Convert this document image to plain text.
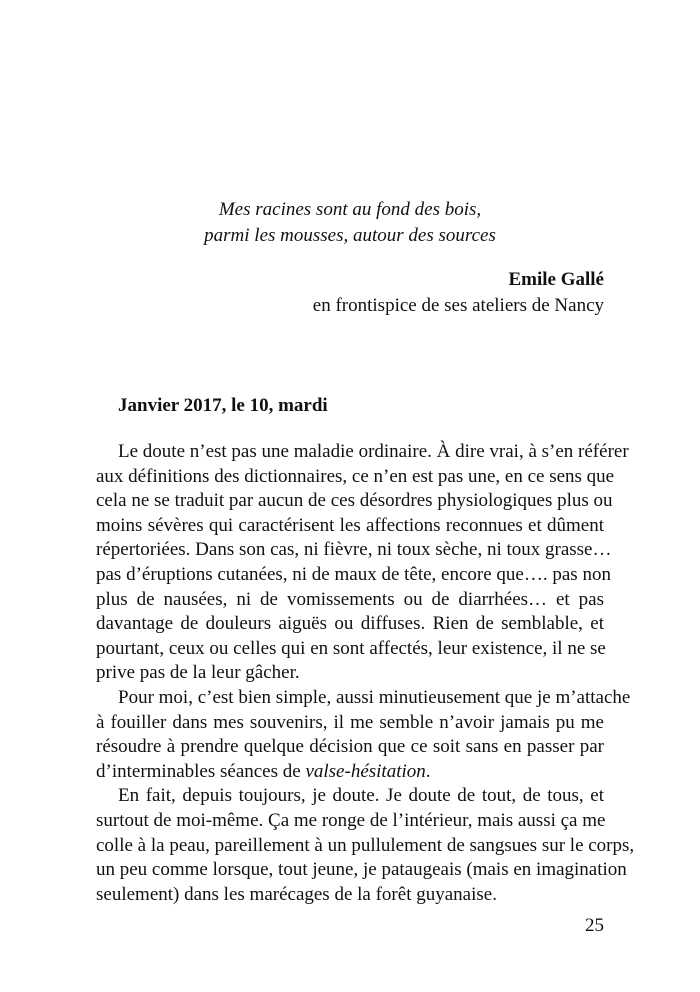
Mes racines sont au fond des bois,
parmi les mousses, autour des sources
Emile Gallé
en frontispice de ses ateliers de Nancy
Janvier 2017, le 10, mardi
Le doute n’est pas une maladie ordinaire. À dire vrai, à s’en référer
aux définitions des dictionnaires, ce n’en est pas une, en ce sens que
cela ne se traduit par aucun de ces désordres physiologiques plus ou
moins sévères qui caractérisent les affections reconnues et dûment
répertoriées. Dans son cas, ni fièvre, ni toux sèche, ni toux grasse…
pas d’éruptions cutanées, ni de maux de tête, encore que…. pas non
plus de nausées, ni de vomissements ou de diarrhées… et pas
davantage de douleurs aiguës ou diffuses. Rien de semblable, et
pourtant, ceux ou celles qui en sont affectés, leur existence, il ne se
prive pas de la leur gâcher.
Pour moi, c’est bien simple, aussi minutieusement que je m’attache
à fouiller dans mes souvenirs, il me semble n’avoir jamais pu me
résoudre à prendre quelque décision que ce soit sans en passer par
d’interminables séances de valse-hésitation.
En fait, depuis toujours, je doute. Je doute de tout, de tous, et
surtout de moi-même. Ça me ronge de l’intérieur, mais aussi ça me
colle à la peau, pareillement à un pullulement de sangsues sur le corps,
un peu comme lorsque, tout jeune, je pataugeais (mais en imagination
seulement) dans les marécages de la forêt guyanaise.
25
